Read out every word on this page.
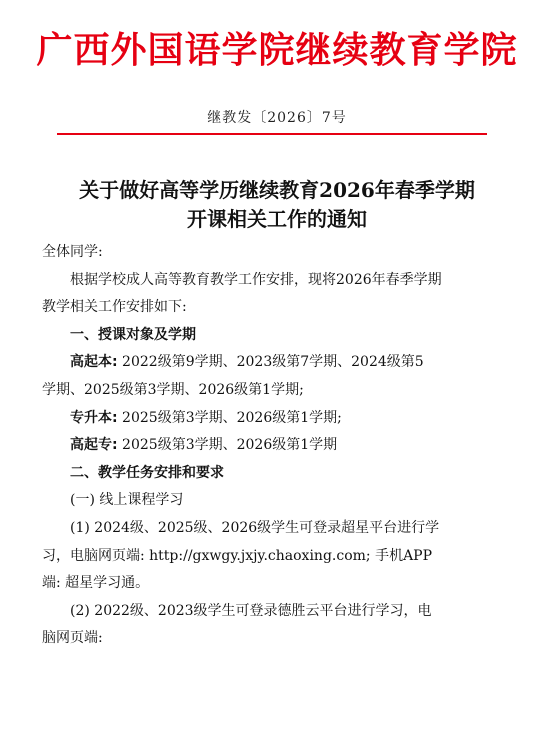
广西外国语学院继续教育学院
继教发〔2026〕7号
关于做好高等学历继续教育2026年春季学期
开课相关工作的通知

全体同学:

根据学校成人高等教育教学工作安排，现将2026年春季学期

教学相关工作安排如下:

一、授课对象及学期

高起本: 2022级第9学期、2023级第7学期、2024级第5

学期、2025级第3学期、2026级第1学期;

专升本: 2025级第3学期、2026级第1学期;

高起专: 2025级第3学期、2026级第1学期

二、教学任务安排和要求

(一) 线上课程学习

(1) 2024级、2025级、2026级学生可登录超星平台进行学

习，电脑网页端: http://gxwgy.jxjy.chaoxing.com; 手机APP

端: 超星学习通。

(2) 2022级、2023级学生可登录德胜云平台进行学习，电

脑网页端:
